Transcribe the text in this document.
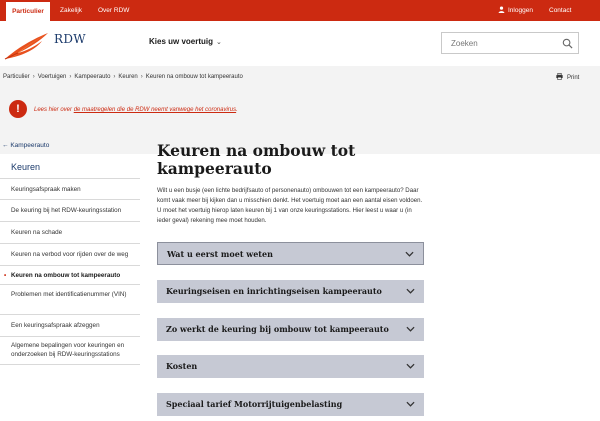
Particulier	Zakelijk Over RDW	Inloggen Contact
RDW	Kies uw voertuig ⌄
Zoeken
Particulier › Voertuigen › Kampeerauto › Keuren › Keuren na ombouw tot kampeerauto	Print
!	Lees hier over de maatregelen die de RDW neemt vanwege het coronavirus.
← Kampeerauto
Keuren
Keuringsafspraak maken
De keuring bij het RDW-keuringsstation
Keuren na schade
Keuren na verbod voor rijden over de weg
• Keuren na ombouw tot kampeerauto
Problemen met identificatienummer (VIN)
Een keuringsafspraak afzeggen
Algemene bepalingen voor keuringen en onderzoeken bij RDW-keuringsstations
Keuren na ombouw tot kampeerauto
Wilt u een busje (een lichte bedrijfsauto of personenauto) ombouwen tot een kampeerauto? Daar komt vaak meer bij kijken dan u misschien denkt. Het voertuig moet aan een aantal eisen voldoen. U moet het voertuig hierop laten keuren bij 1 van onze keuringsstations. Hier leest u waar u (in ieder geval) rekening mee moet houden.
Wat u eerst moet weten
Keuringseisen en inrichtingseisen kampeerauto
Zo werkt de keuring bij ombouw tot kampeerauto
Kosten
Speciaal tarief Motorrijtuigenbelasting
